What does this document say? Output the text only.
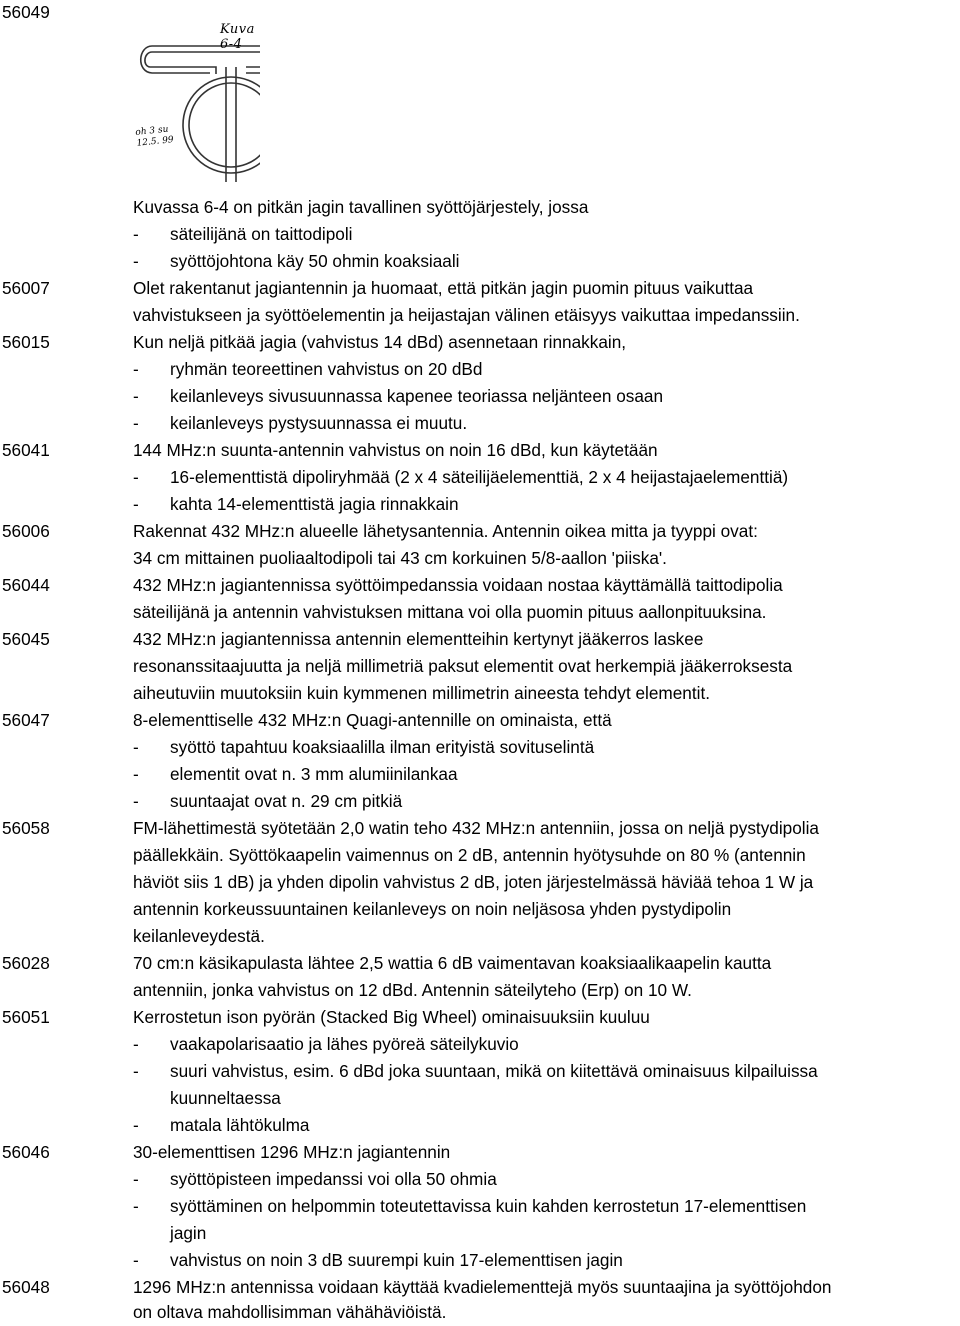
56049
Kuva 6-4
oh 3 su
12.5. 99
Kuvassa 6-4 on pitkän jagin tavallinen syöttöjärjestely, jossa
- säteilijänä on taittodipoli
- syöttöjohtona käy 50 ohmin koaksiaali
56007	Olet rakentanut jagiantennin ja huomaat, että pitkän jagin puomin pituus vaikuttaa
vahvistukseen ja syöttöelementin ja heijastajan välinen etäisyys vaikuttaa impedanssiin.
56015	Kun neljä pitkää jagia (vahvistus 14 dBd) asennetaan rinnakkain,
- ryhmän teoreettinen vahvistus on 20 dBd
- keilanleveys sivusuunnassa kapenee teoriassa neljänteen osaan
- keilanleveys pystysuunnassa ei muutu.
56041	144 MHz:n suunta-antennin vahvistus on noin 16 dBd, kun käytetään
- 16-elementtistä dipoliryhmää (2 x 4 säteilijäelementtiä, 2 x 4 heijastajaelementtiä)
- kahta 14-elementtistä jagia rinnakkain
56006	Rakennat 432 MHz:n alueelle lähetysantennia. Antennin oikea mitta ja tyyppi ovat:
34 cm mittainen puoliaaltodipoli tai 43 cm korkuinen 5/8-aallon 'piiska'.
56044	432 MHz:n jagiantennissa syöttöimpedanssia voidaan nostaa käyttämällä taittodipolia
säteilijänä ja antennin vahvistuksen mittana voi olla puomin pituus aallonpituuksina.
56045	432 MHz:n jagiantennissa antennin elementteihin kertynyt jääkerros laskee
resonanssitaajuutta ja neljä millimetriä paksut elementit ovat herkempiä jääkerroksesta
aiheutuviin muutoksiin kuin kymmenen millimetrin aineesta tehdyt elementit.
56047	8-elementtiselle 432 MHz:n Quagi-antennille on ominaista, että
- syöttö tapahtuu koaksiaalilla ilman erityistä sovituselintä
- elementit ovat n. 3 mm alumiinilankaa
- suuntaajat ovat n. 29 cm pitkiä
56058	FM-lähettimestä syötetään 2,0 watin teho 432 MHz:n antenniin, jossa on neljä pystydipolia
päällekkäin. Syöttökaapelin vaimennus on 2 dB, antennin hyötysuhde on 80 % (antennin
häviöt siis 1 dB) ja yhden dipolin vahvistus 2 dB, joten järjestelmässä häviää tehoa 1 W ja
antennin korkeussuuntainen keilanleveys on noin neljäsosa yhden pystydipolin
keilanleveydestä.
56028	70 cm:n käsikapulasta lähtee 2,5 wattia 6 dB vaimentavan koaksiaalikaapelin kautta
antenniin, jonka vahvistus on 12 dBd. Antennin säteilyteho (Erp) on 10 W.
56051	Kerrostetun ison pyörän (Stacked Big Wheel) ominaisuuksiin kuuluu
- vaakapolarisaatio ja lähes pyöreä säteilykuvio
- suuri vahvistus, esim. 6 dBd joka suuntaan, mikä on kiitettävä ominaisuus kilpailuissa
kuunneltaessa
- matala lähtökulma
56046	30-elementtisen 1296 MHz:n jagiantennin
- syöttöpisteen impedanssi voi olla 50 ohmia
- syöttäminen on helpommin toteutettavissa kuin kahden kerrostetun 17-elementtisen
jagin
- vahvistus on noin 3 dB suurempi kuin 17-elementtisen jagin
56048	1296 MHz:n antennissa voidaan käyttää kvadielementtejä myös suuntaajina ja syöttöjohdon
on oltava mahdollisimman vähähäviöistä.
